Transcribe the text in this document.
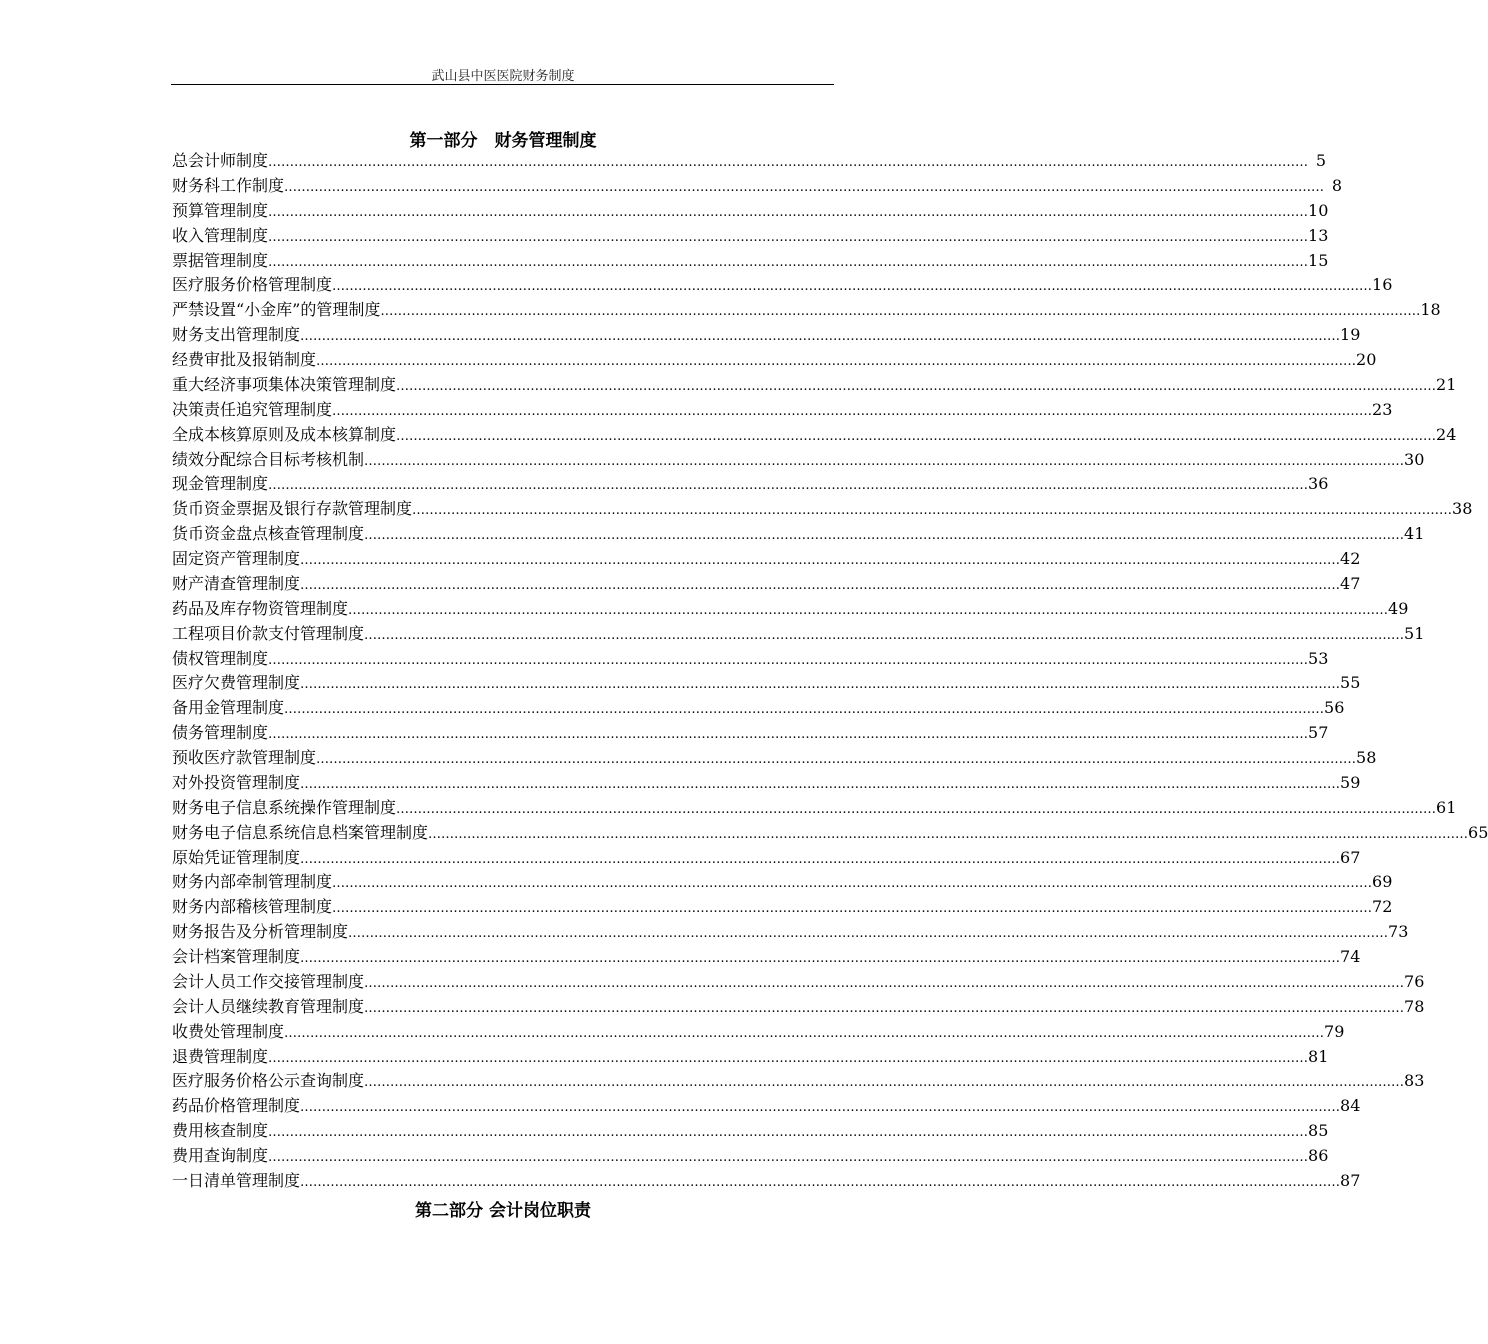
武山县中医医院财务制度
第一部分　财务管理制度
总会计师制度 …………………………………………………………………………………………………………………………………………………………………………………………………………………… 5
财务科工作制度 …………………………………………………………………………………………………………………………………………………………………………………………………………………… 8
预算管理制度 …………………………………………………………………………………………………………………………………………………………………………………………………………………… 10
收入管理制度 …………………………………………………………………………………………………………………………………………………………………………………………………………………… 13
票据管理制度 …………………………………………………………………………………………………………………………………………………………………………………………………………………… 15
医疗服务价格管理制度 …………………………………………………………………………………………………………………………………………………………………………………………………………………… 16
严禁设置“小金库”的管理制度 …………………………………………………………………………………………………………………………………………………………………………………………………………………… 18
财务支出管理制度 …………………………………………………………………………………………………………………………………………………………………………………………………………………… 19
经费审批及报销制度 …………………………………………………………………………………………………………………………………………………………………………………………………………………… 20
重大经济事项集体决策管理制度 …………………………………………………………………………………………………………………………………………………………………………………………………………………… 21
决策责任追究管理制度 …………………………………………………………………………………………………………………………………………………………………………………………………………………… 23
全成本核算原则及成本核算制度 …………………………………………………………………………………………………………………………………………………………………………………………………………………… 24
绩效分配综合目标考核机制 …………………………………………………………………………………………………………………………………………………………………………………………………………………… 30
现金管理制度 …………………………………………………………………………………………………………………………………………………………………………………………………………………… 36
货币资金票据及银行存款管理制度 …………………………………………………………………………………………………………………………………………………………………………………………………………………… 38
货币资金盘点核查管理制度 …………………………………………………………………………………………………………………………………………………………………………………………………………………… 41
固定资产管理制度 …………………………………………………………………………………………………………………………………………………………………………………………………………………… 42
财产清查管理制度 …………………………………………………………………………………………………………………………………………………………………………………………………………………… 47
药品及库存物资管理制度 …………………………………………………………………………………………………………………………………………………………………………………………………………………… 49
工程项目价款支付管理制度 …………………………………………………………………………………………………………………………………………………………………………………………………………………… 51
债权管理制度 …………………………………………………………………………………………………………………………………………………………………………………………………………………… 53
医疗欠费管理制度 …………………………………………………………………………………………………………………………………………………………………………………………………………………… 55
备用金管理制度 …………………………………………………………………………………………………………………………………………………………………………………………………………………… 56
债务管理制度 …………………………………………………………………………………………………………………………………………………………………………………………………………………… 57
预收医疗款管理制度 …………………………………………………………………………………………………………………………………………………………………………………………………………………… 58
对外投资管理制度 …………………………………………………………………………………………………………………………………………………………………………………………………………………… 59
财务电子信息系统操作管理制度 …………………………………………………………………………………………………………………………………………………………………………………………………………………… 61
财务电子信息系统信息档案管理制度 …………………………………………………………………………………………………………………………………………………………………………………………………………………… 65
原始凭证管理制度 …………………………………………………………………………………………………………………………………………………………………………………………………………………… 67
财务内部牵制管理制度 …………………………………………………………………………………………………………………………………………………………………………………………………………………… 69
财务内部稽核管理制度 …………………………………………………………………………………………………………………………………………………………………………………………………………………… 72
财务报告及分析管理制度 …………………………………………………………………………………………………………………………………………………………………………………………………………………… 73
会计档案管理制度 …………………………………………………………………………………………………………………………………………………………………………………………………………………… 74
会计人员工作交接管理制度 …………………………………………………………………………………………………………………………………………………………………………………………………………………… 76
会计人员继续教育管理制度 …………………………………………………………………………………………………………………………………………………………………………………………………………………… 78
收费处管理制度 …………………………………………………………………………………………………………………………………………………………………………………………………………………… 79
退费管理制度 …………………………………………………………………………………………………………………………………………………………………………………………………………………… 81
医疗服务价格公示查询制度 …………………………………………………………………………………………………………………………………………………………………………………………………………………… 83
药品价格管理制度 …………………………………………………………………………………………………………………………………………………………………………………………………………………… 84
费用核查制度 …………………………………………………………………………………………………………………………………………………………………………………………………………………… 85
费用查询制度 …………………………………………………………………………………………………………………………………………………………………………………………………………………… 86
一日清单管理制度 …………………………………………………………………………………………………………………………………………………………………………………………………………………… 87
第二部分 会计岗位职责
